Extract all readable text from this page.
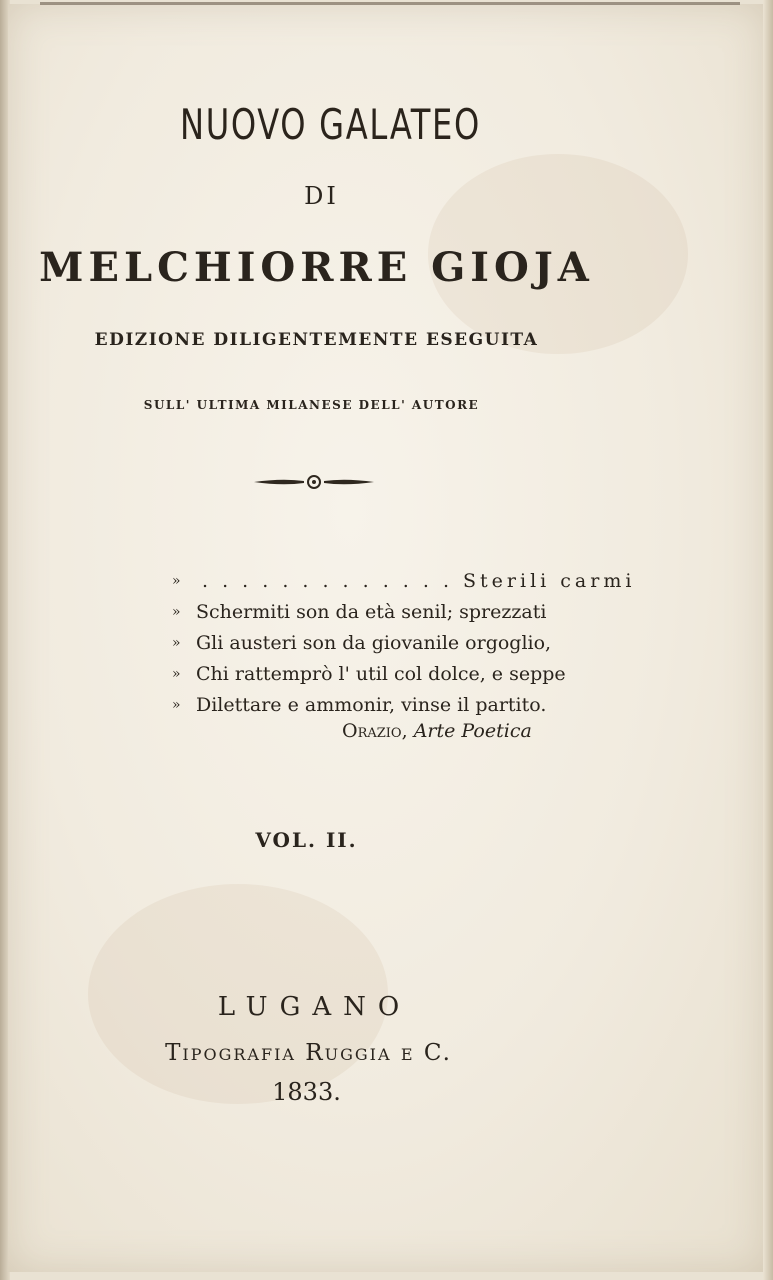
NUOVO GALATEO
DI
MELCHIORRE GIOJA
EDIZIONE DILIGENTEMENTE ESEGUITA
SULL' ULTIMA MILANESE DELL' AUTORE
» . . . . . . . . . . . . . Sterili carmi
» Schermiti son da età senil; sprezzati
» Gli austeri son da giovanile orgoglio,
» Chi rattemprò l' util col dolce, e seppe
» Dilettare e ammonir, vinse il partito.
Orazio, Arte Poetica
VOL. II.
LUGANO
Tipografia Ruggia e C.
1833.
